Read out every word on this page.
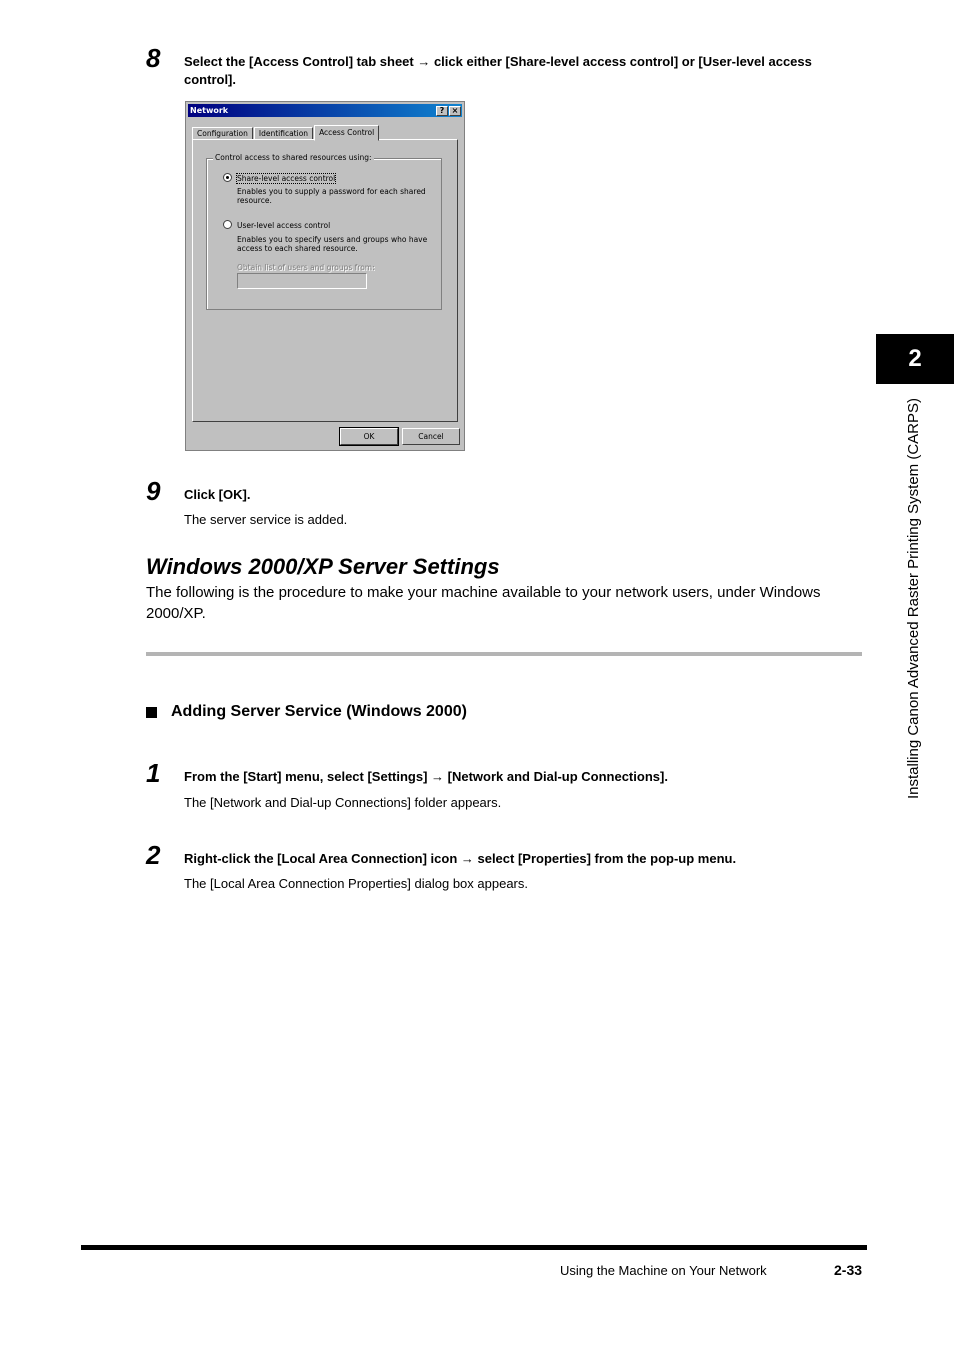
8 Select the [Access Control] tab sheet → click either [Share-level access control] or [User-level access control].
Network	? ×
Configuration	Identification	Access Control
Share-level access control
Enables you to supply a password for each shared resource.
User-level access control
Enables you to specify users and groups who have access to each shared resource.
Obtain list of users and groups from:
Control access to shared resources using:
OK	Cancel
9 Click [OK].
The server service is added.
Windows 2000/XP Server Settings
The following is the procedure to make your machine available to your network users, under Windows 2000/XP.
Adding Server Service (Windows 2000)
1 From the [Start] menu, select [Settings] → [Network and Dial-up Connections].
The [Network and Dial-up Connections] folder appears.
2 Right-click the [Local Area Connection] icon → select [Properties] from the pop-up menu.
The [Local Area Connection Properties] dialog box appears.
2
Installing Canon Advanced Raster Printing System (CARPS)
Using the Machine on Your Network	2-33
